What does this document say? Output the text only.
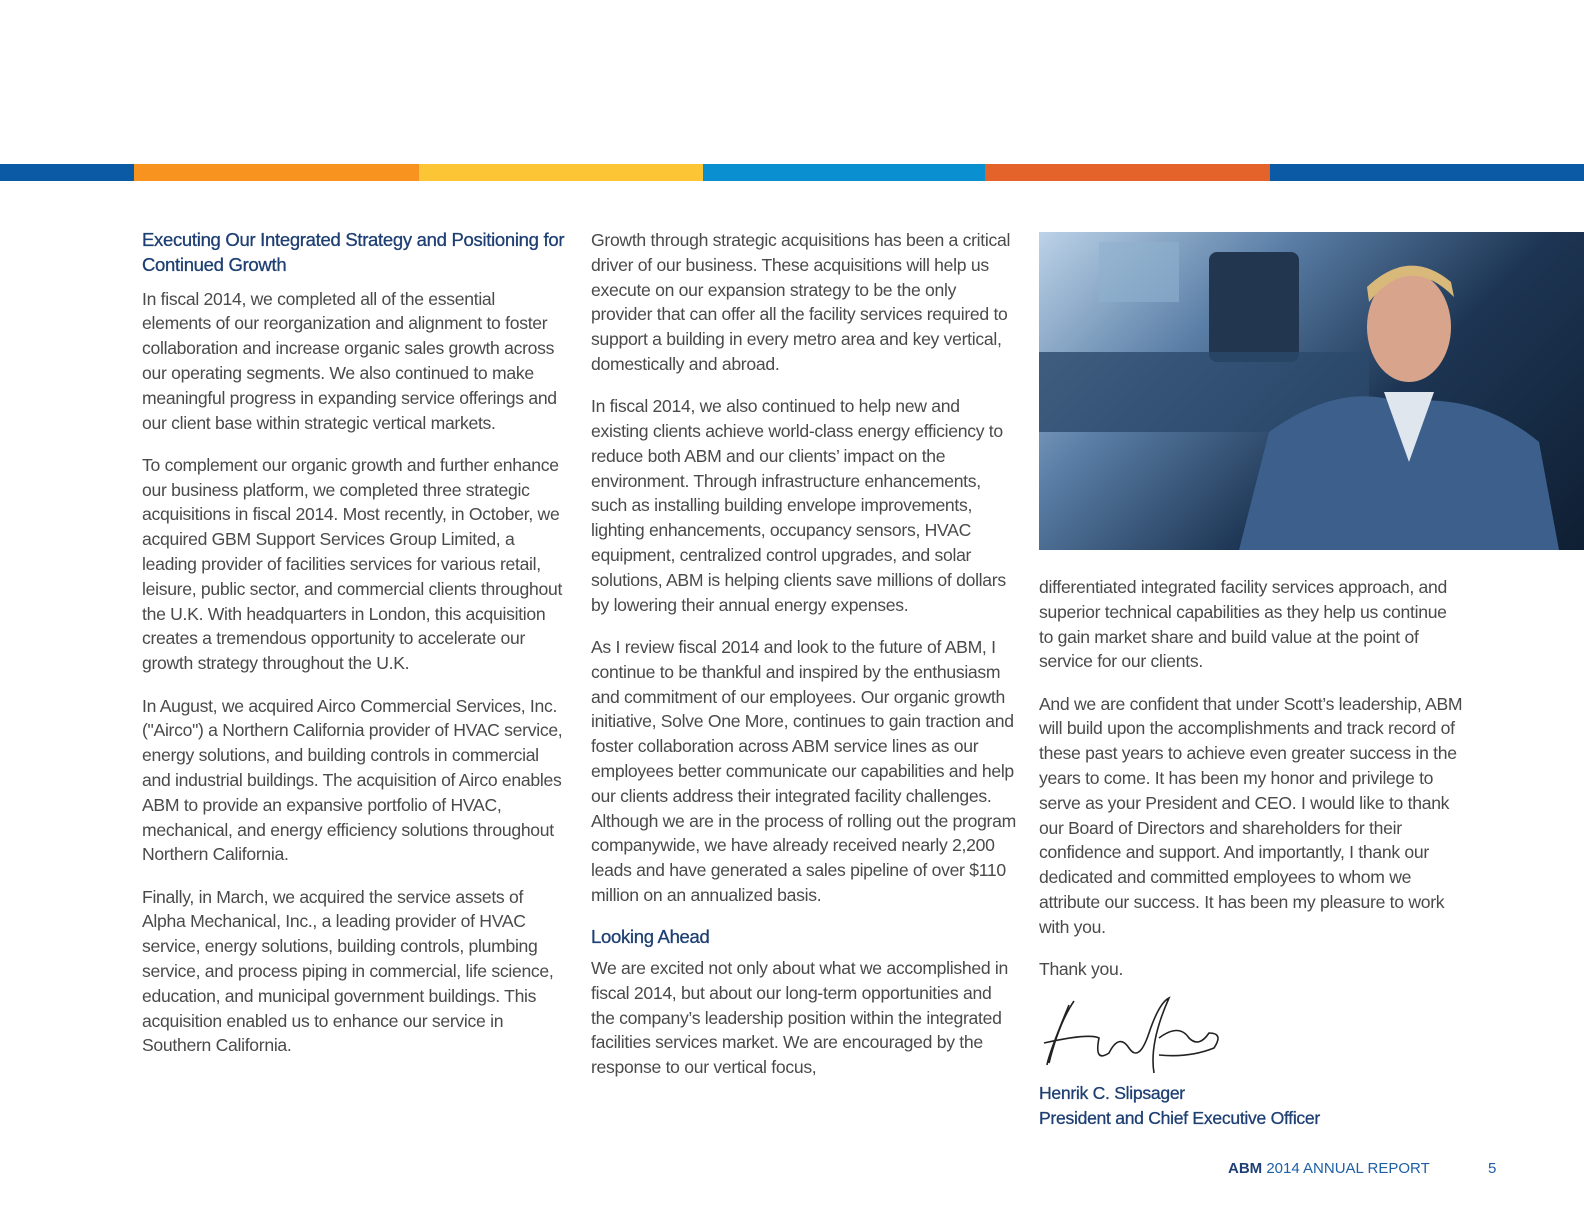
Executing Our Integrated Strategy and Positioning for Continued Growth

In fiscal 2014, we completed all of the essential elements of our reorganization and alignment to foster collaboration and increase organic sales growth across our operating segments. We also continued to make meaningful progress in expanding service offerings and our client base within strategic vertical markets.

To complement our organic growth and further enhance our business platform, we completed three strategic acquisitions in fiscal 2014. Most recently, in October, we acquired GBM Support Services Group Limited, a leading provider of facilities services for various retail, leisure, public sector, and commercial clients throughout the U.K. With headquarters in London, this acquisition creates a tremendous opportunity to accelerate our growth strategy throughout the U.K.

In August, we acquired Airco Commercial Services, Inc. ("Airco") a Northern California provider of HVAC service, energy solutions, and building controls in commercial and industrial buildings. The acquisition of Airco enables ABM to provide an expansive portfolio of HVAC, mechanical, and energy efficiency solutions throughout Northern California.

Finally, in March, we acquired the service assets of Alpha Mechanical, Inc., a leading provider of HVAC service, energy solutions, building controls, plumbing service, and process piping in commercial, life science, education, and municipal government buildings. This acquisition enabled us to enhance our service in Southern California.

Growth through strategic acquisitions has been a critical driver of our business. These acquisitions will help us execute on our expansion strategy to be the only provider that can offer all the facility services required to support a building in every metro area and key vertical, domestically and abroad.

In fiscal 2014, we also continued to help new and existing clients achieve world-class energy efficiency to reduce both ABM and our clients’ impact on the environment. Through infrastructure enhancements, such as installing building envelope improvements, lighting enhancements, occupancy sensors, HVAC equipment, centralized control upgrades, and solar solutions, ABM is helping clients save millions of dollars by lowering their annual energy expenses.

As I review fiscal 2014 and look to the future of ABM, I continue to be thankful and inspired by the enthusiasm and commitment of our employees. Our organic growth initiative, Solve One More, continues to gain traction and foster collaboration across ABM service lines as our employees better communicate our capabilities and help our clients address their integrated facility challenges. Although we are in the process of rolling out the program companywide, we have already received nearly 2,200 leads and have generated a sales pipeline of over $110 million on an annualized basis.

Looking Ahead

We are excited not only about what we accomplished in fiscal 2014, but about our long-term opportunities and the company’s leadership position within the integrated facilities services market. We are encouraged by the response to our vertical focus,

differentiated integrated facility services approach, and superior technical capabilities as they help us continue to gain market share and build value at the point of service for our clients.

And we are confident that under Scott’s leadership, ABM will build upon the accomplishments and track record of these past years to achieve even greater success in the years to come. It has been my honor and privilege to serve as your President and CEO. I would like to thank our Board of Directors and shareholders for their confidence and support. And importantly, I thank our dedicated and committed employees to whom we attribute our success. It has been my pleasure to work with you.

Thank you.

Henrik C. Slipsager
President and Chief Executive Officer
ABM 2014 ANNUAL REPORT	5
